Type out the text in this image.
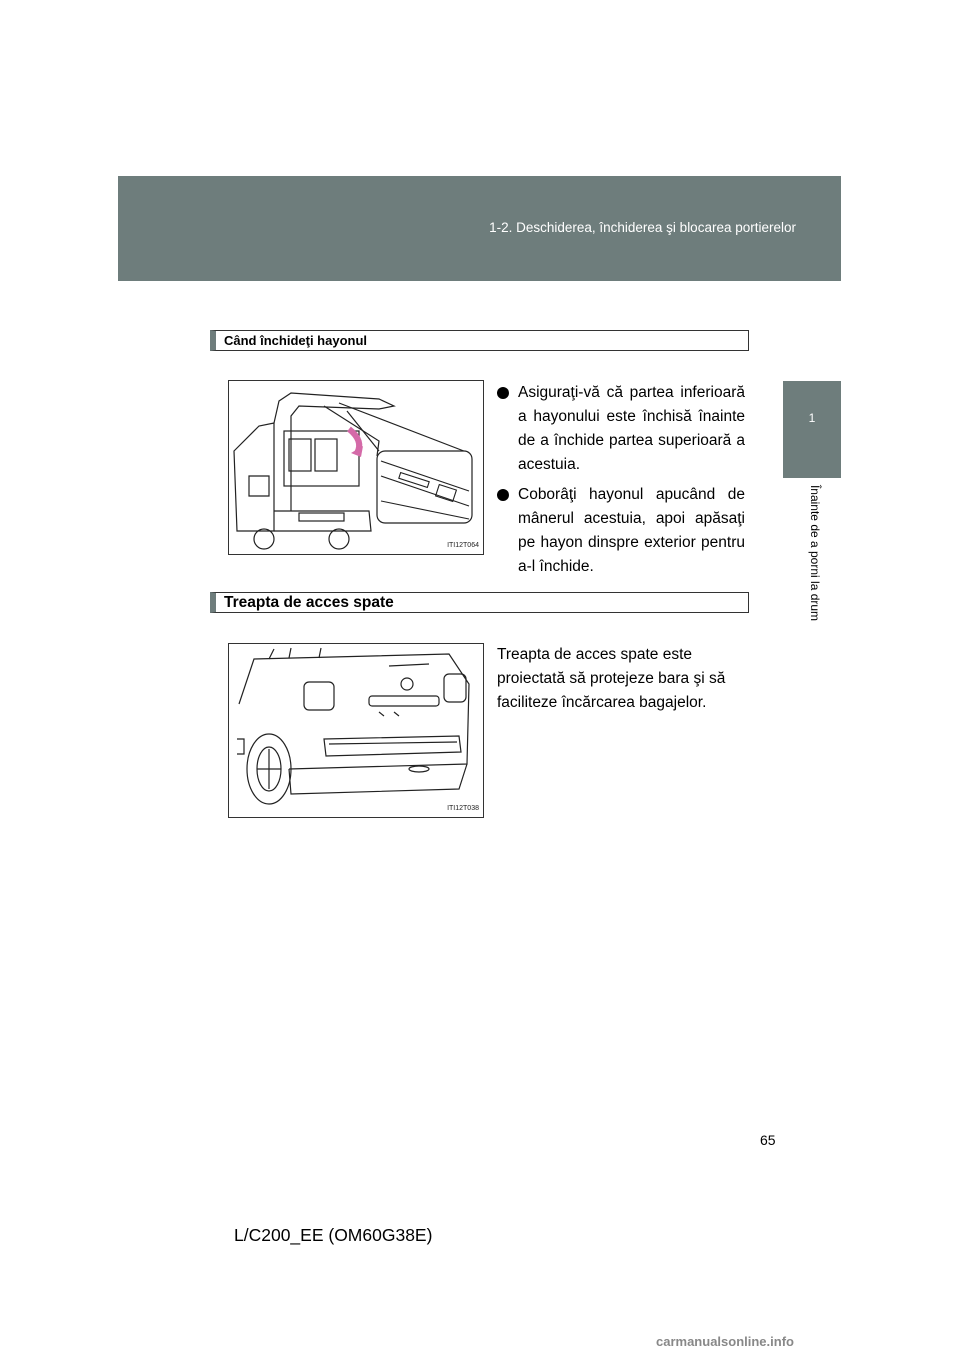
1-2. Deschiderea, închiderea şi blocarea portierelor
1
Înainte de a porni la drum
Când închideţi hayonul
ITI12T064
Asiguraţi-vă că partea inferioară a hayonului este închisă înainte de a închide partea superioară a acestuia.
Coborâţi hayonul apucând de mânerul acestuia, apoi apăsaţi pe hayon dinspre exterior pentru a-l închide.
Treapta de acces spate
ITI12T038
Treapta de acces spate este proiectată să protejeze bara şi să faciliteze încărcarea bagajelor.
65
L/C200_EE (OM60G38E)
carmanualsonline.info
